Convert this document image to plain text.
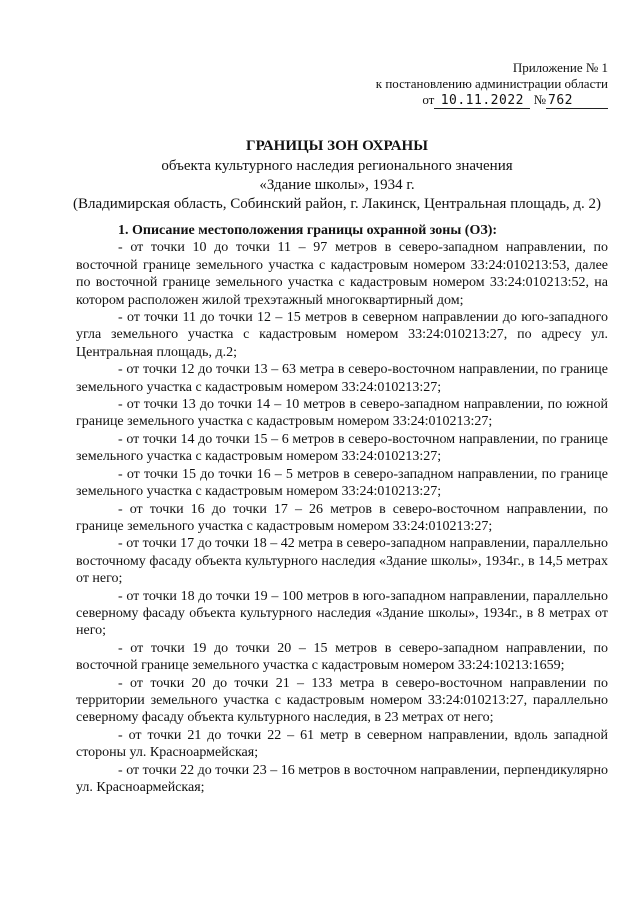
Приложение № 1
к постановлению администрации области
от 10.11.2022 № 762
ГРАНИЦЫ ЗОН ОХРАНЫ
объекта культурного наследия регионального значения
«Здание школы», 1934 г.
(Владимирская область, Собинский район, г. Лакинск, Центральная площадь, д. 2)

1. Описание местоположения границы охранной зоны (ОЗ):

- от точки 10 до точки 11 – 97 метров в северо-западном направлении, по восточной границе земельного участка с кадастровым номером 33:24:010213:53, далее по восточной границе земельного участка с кадастровым номером 33:24:010213:52, на котором расположен жилой трехэтажный многоквартирный дом;

- от точки 11 до точки 12 – 15 метров в северном направлении до юго-западного угла земельного участка с кадастровым номером 33:24:010213:27, по адресу ул. Центральная площадь, д.2;

- от точки 12 до точки 13 – 63 метра в северо-восточном направлении, по границе земельного участка с кадастровым номером 33:24:010213:27;

- от точки 13 до точки 14 – 10 метров в северо-западном направлении, по южной границе земельного участка с кадастровым номером 33:24:010213:27;

- от точки 14 до точки 15 – 6 метров в северо-восточном направлении, по границе земельного участка с кадастровым номером 33:24:010213:27;

- от точки 15 до точки 16 – 5 метров в северо-западном направлении, по границе земельного участка с кадастровым номером 33:24:010213:27;

- от точки 16 до точки 17 – 26 метров в северо-восточном направлении, по границе земельного участка с кадастровым номером 33:24:010213:27;

- от точки 17 до точки 18 – 42 метра в северо-западном направлении, параллельно восточному фасаду объекта культурного наследия «Здание школы», 1934г., в 14,5 метрах от него;

- от точки 18 до точки 19 – 100 метров в юго-западном направлении, параллельно северному фасаду объекта культурного наследия «Здание школы», 1934г., в 8 метрах от него;

- от точки 19 до точки 20 – 15 метров в северо-западном направлении, по восточной границе земельного участка с кадастровым номером 33:24:10213:1659;

- от точки 20 до точки 21 – 133 метра в северо-восточном направлении по территории земельного участка с кадастровым номером 33:24:010213:27, параллельно северному фасаду объекта культурного наследия, в 23 метрах от него;

- от точки 21 до точки 22 – 61 метр в северном направлении, вдоль западной стороны ул. Красноармейская;

- от точки 22 до точки 23 – 16 метров в восточном направлении, перпендикулярно ул. Красноармейская;
